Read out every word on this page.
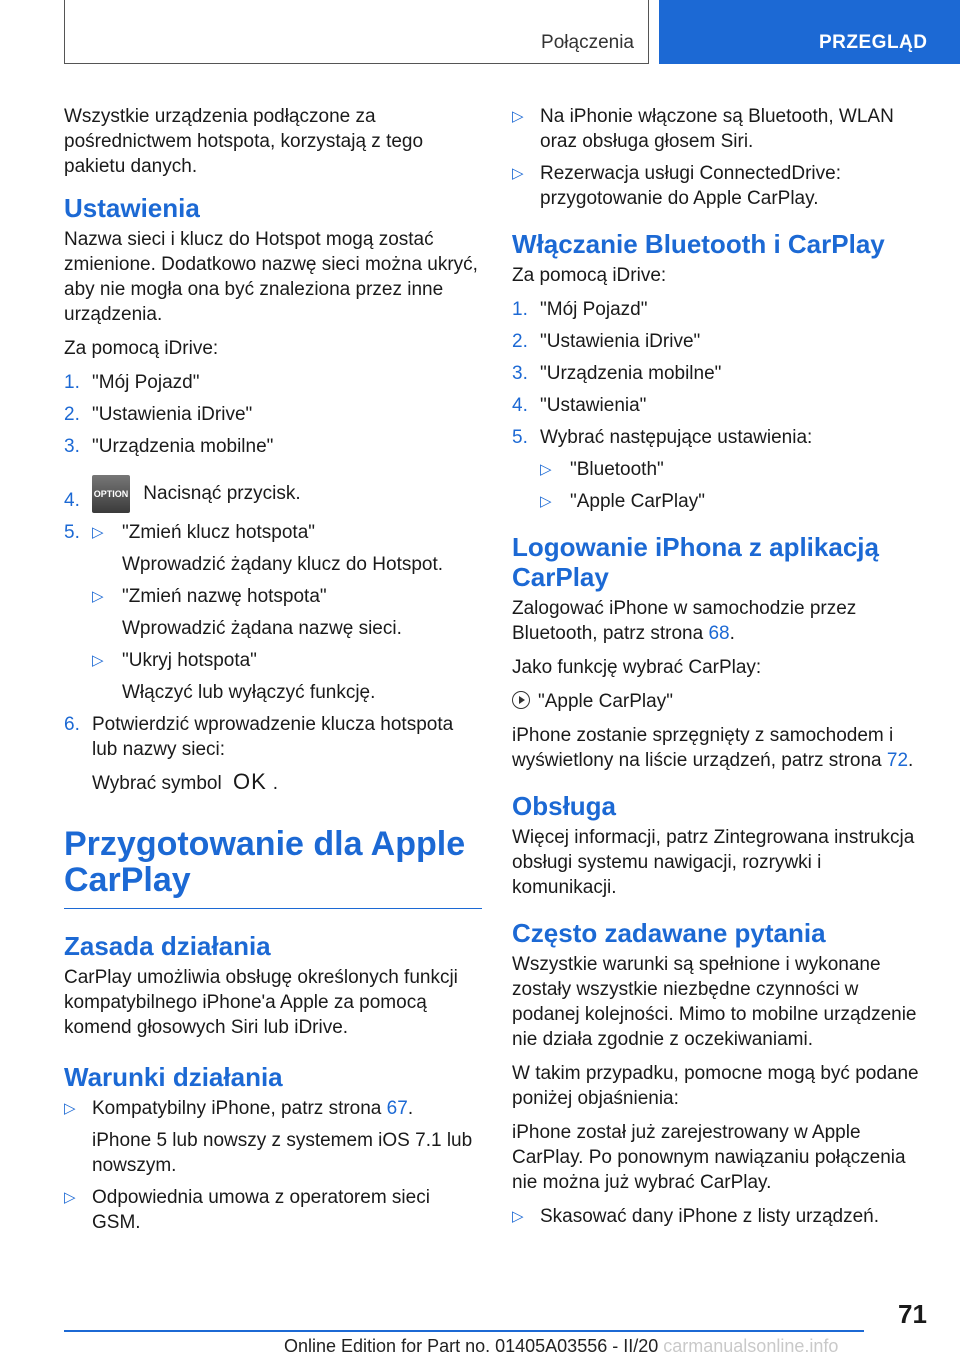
Połączenia	PRZEGLĄD

Wszystkie urządzenia podłączone za pośrednictwem hotspota, korzystają z tego pakietu danych.

Ustawienia

Nazwa sieci i klucz do Hotspot mogą zostać zmienione. Dodatkowo nazwę sieci można ukryć, aby nie mogła ona być znaleziona przez inne urządzenia.

Za pomocą iDrive:

1. "Mój Pojazd"
2. "Ustawienia iDrive"
3. "Urządzenia mobilne"
4.	OPTION Nacisnąć przycisk.
5. ▷ "Zmień klucz hotspota"
Wprowadzić żądany klucz do Hotspot.
▷ "Zmień nazwę hotspota"
Wprowadzić żądana nazwę sieci.
▷ "Ukryj hotspota"
Włączyć lub wyłączyć funkcję.
6. Potwierdzić wprowadzenie klucza hotspota lub nazwy sieci:
Wybrać symbol OK .
Przygotowanie dla Apple CarPlay
Zasada działania

CarPlay umożliwia obsługę określonych funkcji kompatybilnego iPhone'a Apple za pomocą komend głosowych Siri lub iDrive.

Warunki działania
▷ Kompatybilny iPhone, patrz strona 67.
iPhone 5 lub nowszy z systemem iOS 7.1 lub nowszym.
▷ Odpowiednia umowa z operatorem sieci GSM.
▷ Na iPhonie włączone są Bluetooth, WLAN oraz obsługa głosem Siri.
▷ Rezerwacja usługi ConnectedDrive: przygotowanie do Apple CarPlay.
Włączanie Bluetooth i CarPlay

Za pomocą iDrive:

1. "Mój Pojazd"
2. "Ustawienia iDrive"
3. "Urządzenia mobilne"
4. "Ustawienia"
5. Wybrać następujące ustawienia:
▷ "Bluetooth"
▷ "Apple CarPlay"
Logowanie iPhona z aplikacją CarPlay

Zalogować iPhone w samochodzie przez Bluetooth, patrz strona 68.

Jako funkcję wybrać CarPlay:

"Apple CarPlay"

iPhone zostanie sprzęgnięty z samochodem i wyświetlony na liście urządzeń, patrz strona 72.

Obsługa

Więcej informacji, patrz Zintegrowana instrukcja obsługi systemu nawigacji, rozrywki i komunikacji.

Często zadawane pytania

Wszystkie warunki są spełnione i wykonane zostały wszystkie niezbędne czynności w podanej kolejności. Mimo to mobilne urządzenie nie działa zgodnie z oczekiwaniami.

W takim przypadku, pomocne mogą być podane poniżej objaśnienia:

iPhone został już zarejestrowany w Apple CarPlay. Po ponownym nawiązaniu połączenia nie można już wybrać CarPlay.

▷ Skasować dany iPhone z listy urządzeń.
71
Online Edition for Part no. 01405A03556 - II/20 carmanualsonline.info
